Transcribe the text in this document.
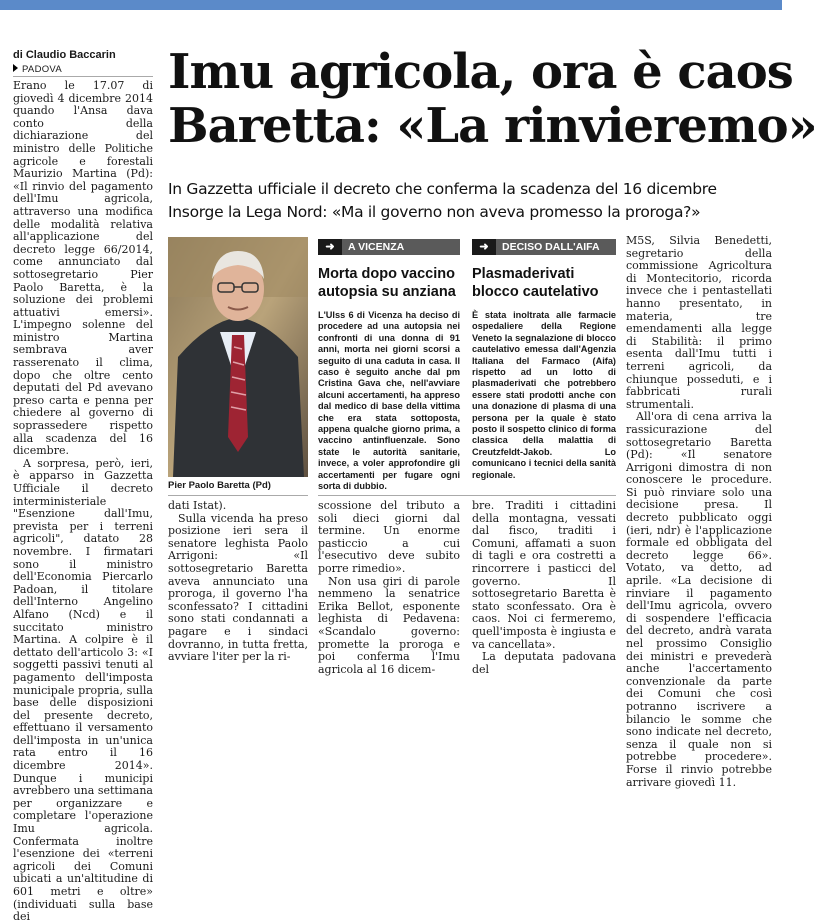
di Claudio Baccarin
PADOVA Imu agricola, ora è caos
Baretta: «La rinvieremo»
In Gazzetta ufficiale il decreto che conferma la scadenza del 16 dicembre
Insorge la Lega Nord: «Ma il governo non aveva promesso la proroga?»

Erano le 17.07 di giovedì 4 dicembre 2014 quando l'Ansa dava conto della dichiarazione del ministro delle Politiche agricole e forestali Maurizio Martina (Pd): «Il rinvio del pagamento dell'Imu agricola, attraverso una modifica delle modalità relativa all'applicazione del decreto legge 66/2014, come annunciato dal sottosegretario Pier Paolo Baretta, è la soluzione dei problemi attuativi emersi». L'impegno solenne del ministro Martina sembrava aver rasserenato il clima, dopo che oltre cento deputati del Pd avevano preso carta e penna per chiedere al governo di soprassedere rispetto alla scadenza del 16 dicembre.

A sorpresa, però, ieri, è apparso in Gazzetta Ufficiale il decreto interministeriale "Esenzione dall'Imu, prevista per i terreni agricoli", datato 28 novembre. I firmatari sono il ministro dell'Economia Piercarlo Padoan, il titolare dell'Interno Angelino Alfano (Ncd) e il succitato ministro Martina. A colpire è il dettato dell'articolo 3: «I soggetti passivi tenuti al pagamento dell'imposta municipale propria, sulla base delle disposizioni del presente decreto, effettuano il versamento dell'imposta in un'unica rata entro il 16 dicembre 2014». Dunque i municipi avrebbero una settimana per organizzare e completare l'operazione Imu agricola. Confermata inoltre l'esenzione dei «terreni agricoli dei Comuni ubicati a un'altitudine di 601 metri e oltre» (individuati sulla base dei

Pier Paolo Baretta (Pd)
➜ A VICENZA
Morta dopo vaccino
autopsia su anziana
L'Ulss 6 di Vicenza ha deciso di procedere ad una autopsia nei confronti di una donna di 91 anni, morta nei giorni scorsi a seguito di una caduta in casa. Il caso è seguito anche dal pm Cristina Gava che, nell'avviare alcuni accertamenti, ha appreso dal medico di base della vittima che era stata sottoposta, appena qualche giorno prima, a vaccino antinfluenzale. Sono state le autorità sanitarie, invece, a voler approfondire gli accertamenti per fugare ogni sorta di dubbio.
➜ DECISO DALL'AIFA
Plasmaderivati
blocco cautelativo
È stata inoltrata alle farmacie ospedaliere della Regione Veneto la segnalazione di blocco cautelativo emessa dall'Agenzia Italiana del Farmaco (Aifa) rispetto ad un lotto di plasmaderivati che potrebbero essere stati prodotti anche con una donazione di plasma di una persona per la quale è stato posto il sospetto clinico di forma classica della malattia di Creutzfeldt-Jakob. Lo comunicano i tecnici della sanità regionale.

dati Istat).

Sulla vicenda ha preso posizione ieri sera il senatore leghista Paolo Arrigoni: «Il sottosegretario Baretta aveva annunciato una proroga, il governo l'ha sconfessato? I cittadini sono stati condannati a pagare e i sindaci dovranno, in tutta fretta, avviare l'iter per la ri-

scossione del tributo a soli dieci giorni dal termine. Un enorme pasticcio a cui l'esecutivo deve subito porre rimedio».

Non usa giri di parole nemmeno la senatrice Erika Bellot, esponente leghista di Pedavena: «Scandalo governo: promette la proroga e poi conferma l'Imu agricola al 16 dicem-

bre. Traditi i cittadini della montagna, vessati dal fisco, traditi i Comuni, affamati a suon di tagli e ora costretti a rincorrere i pasticci del governo. Il sottosegretario Baretta è stato sconfessato. Ora è caos. Noi ci fermeremo, quell'imposta è ingiusta e va cancellata».

La deputata padovana del

M5S, Silvia Benedetti, segretario della commissione Agricoltura di Montecitorio, ricorda invece che i pentastellati hanno presentato, in materia, tre emendamenti alla legge di Stabilità: il primo esenta dall'Imu tutti i terreni agricoli, da chiunque posseduti, e i fabbricati rurali strumentali.

All'ora di cena arriva la rassicurazione del sottosegretario Baretta (Pd): «Il senatore Arrigoni dimostra di non conoscere le procedure. Si può rinviare solo una decisione presa. Il decreto pubblicato oggi (ieri, ndr) è l'applicazione formale ed obbligata del decreto legge 66». Votato, va detto, ad aprile. «La decisione di rinviare il pagamento dell'Imu agricola, ovvero di sospendere l'efficacia del decreto, andrà varata nel prossimo Consiglio dei ministri e prevederà anche l'accertamento convenzionale da parte dei Comuni che così potranno iscrivere a bilancio le somme che sono indicate nel decreto, senza il quale non si potrebbe procedere». Forse il rinvio potrebbe arrivare giovedì 11.
